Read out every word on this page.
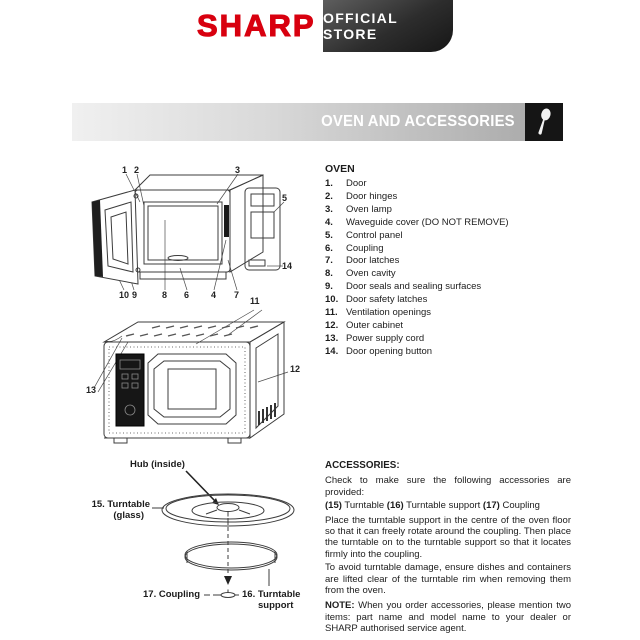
SHARP OFFICIAL STORE
OVEN AND ACCESSORIES
1 2	3
5
14
10 9	8 6 4 7
11
12
13
Hub (inside)
15. Turntable
(glass)
17. Coupling	16. Turntable
support
OVEN
1.	Door
2.	Door hinges
3.	Oven lamp
4.	Waveguide cover (DO NOT REMOVE)
5.	Control panel
6.	Coupling
7.	Door latches
8.	Oven cavity
9.	Door seals and sealing surfaces
10. Door safety latches
11. Ventilation openings
12. Outer cabinet
13. Power supply cord
14. Door opening button
ACCESSORIES:

Check to make sure the following accessories are provided:

(15) Turntable (16) Turntable support (17) Coupling

Place the turntable support in the centre of the oven floor so that it can freely rotate around the coupling. Then place the turntable on to the turntable support so that it locates firmly into the coupling.

To avoid turntable damage, ensure dishes and containers are lifted clear of the turntable rim when removing them from the oven.

NOTE: When you order accessories, please mention two items: part name and model name to your dealer or SHARP authorised service agent.
